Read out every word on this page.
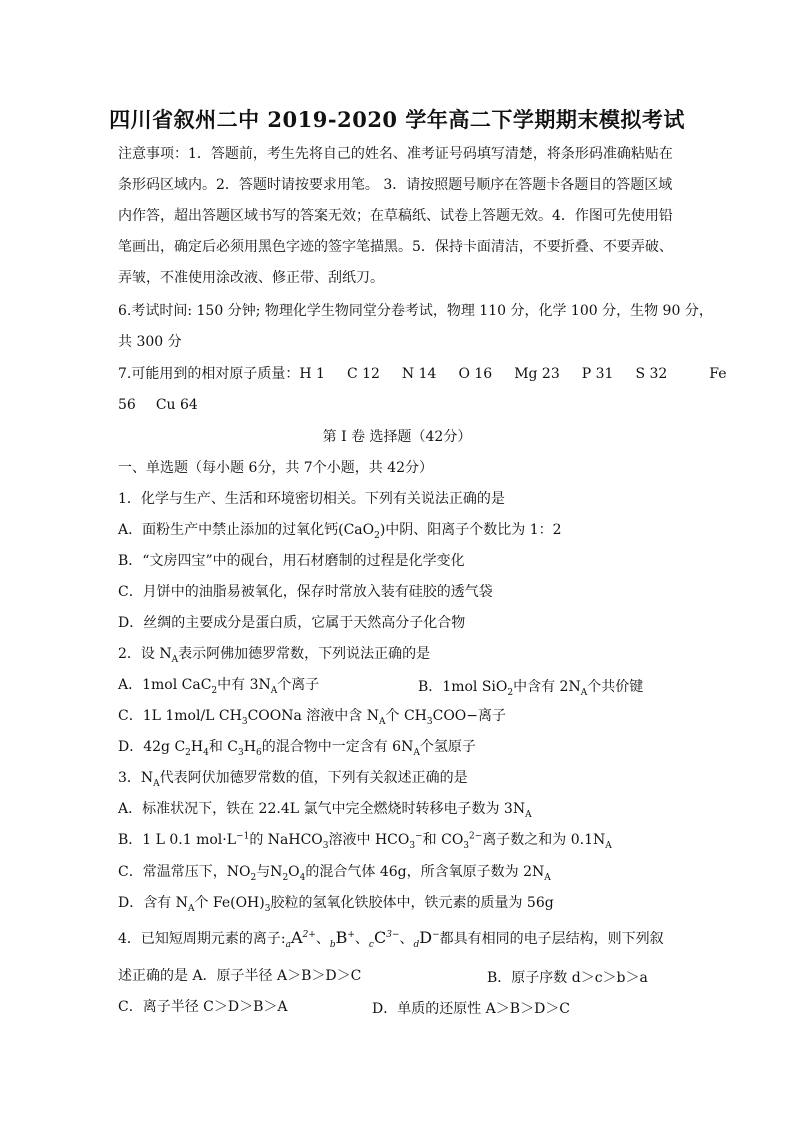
四川省叙州二中 2019-2020 学年高二下学期期末模拟考试
注意事项：1．答题前，考生先将自己的姓名、准考证号码填写清楚，将条形码准确粘贴在
条形码区域内。2．答题时请按要求用笔。 3．请按照题号顺序在答题卡各题目的答题区域
内作答，超出答题区域书写的答案无效；在草稿纸、试卷上答题无效。4．作图可先使用铅
笔画出，确定后必须用黑色字迹的签字笔描黑。5．保持卡面清洁，不要折叠、不要弄破、
弄皱，不准使用涂改液、修正带、刮纸刀。
6.考试时间: 150 分钟; 物理化学生物同堂分卷考试，物理 110 分，化学 100 分，生物 90 分，
共 300 分
7.可能用到的相对原子质量：H 1 C 12 N 14 O 16 Mg 23 P 31 S 32	Fe
56 Cu 64
第 I 卷 选择题（42分）
一、单选题（每小题 6分，共 7个小题，共 42分）
1．化学与生产、生活和环境密切相关。下列有关说法正确的是
A．面粉生产中禁止添加的过氧化钙(CaO$_2$)中阴、阳离子个数比为 1：2
B．“文房四宝”中的砚台，用石材磨制的过程是化学变化
C．月饼中的油脂易被氧化，保存时常放入装有硅胶的透气袋
D．丝绸的主要成分是蛋白质，它属于天然高分子化合物
2．设 $N_A$表示阿佛加德罗常数，下列说法正确的是
A．1mol CaC$_2$中有 $3N_A$个离子	B．1mol SiO$_2$中含有 $2N_A$个共价键
C．1L 1mol/L $CH_3COONa$ 溶液中含 $N_A$个 $CH_3COO-$离子
D．42g $C_2H_4$和 $C_3H_6$的混合物中一定含有 $6N_A$个氢原子
3．$N_A$代表阿伏加德罗常数的值，下列有关叙述正确的是
A．标准状况下，铁在 22.4L 氯气中完全燃烧时转移电子数为 $3N_A$
B．1 L 0.1 $mol\cdot L^{-1}$的 NaHCO$_3$溶液中 $HCO_3^-$和 $CO_3^{2-}$离子数之和为 $0.1N_A$
C．常温常压下，$NO_2$与$N_2O_4$的混合气体 46g，所含氧原子数为 $2N_A$
D．含有 $N_A$个 $Fe(OH)_3$胶粒的氢氧化铁胶体中，铁元素的质量为 56g
4．已知短周期元素的离子$:_aA^{2+}$、$_b$B+、$_cC^{3-}$、$_d$D−都具有相同的电子层结构，则下列叙
述正确的是 A．原子半径 A＞B＞D＞C	B．原子序数 d＞c＞b＞a
C．离子半径 C＞D＞B＞A	D．单质的还原性 A＞B＞D＞C
